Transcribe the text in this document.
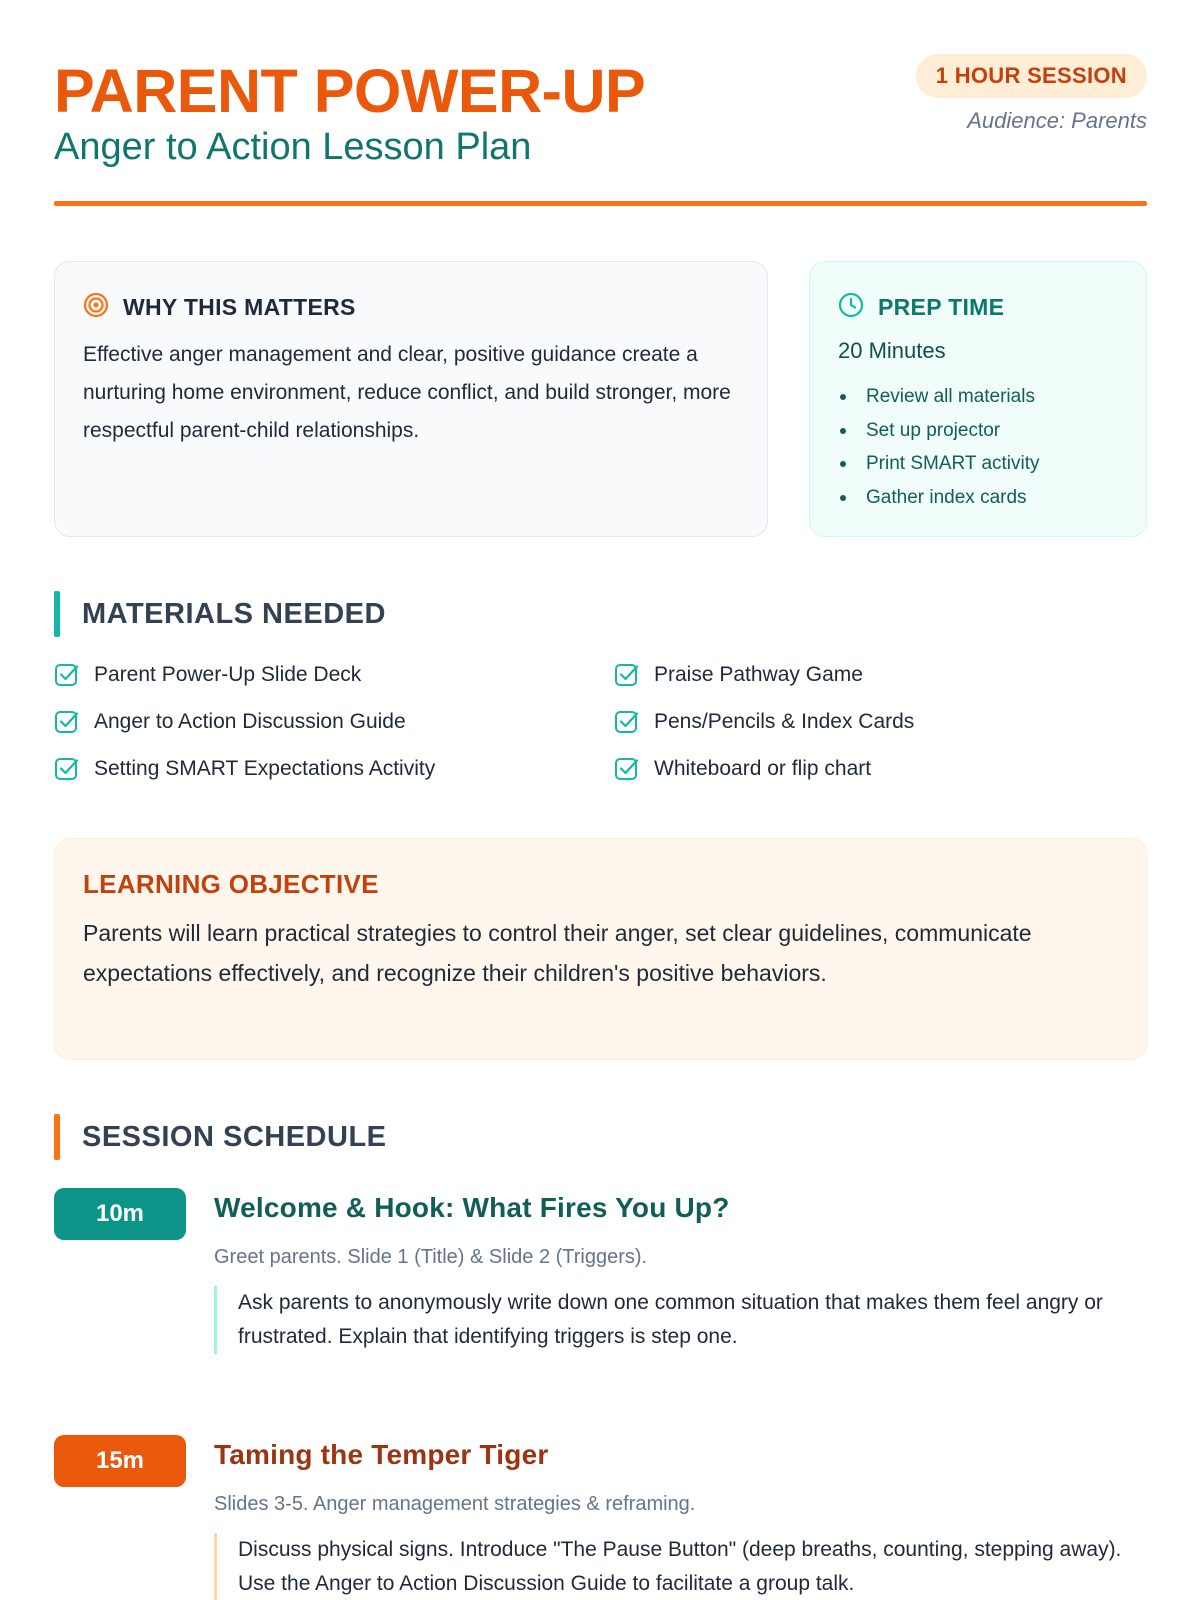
PARENT POWER-UP
Anger to Action Lesson Plan
1 HOUR SESSION
Audience: Parents
WHY THIS MATTERS
Effective anger management and clear, positive guidance create a nurturing home environment, reduce conflict, and build stronger, more respectful parent-child relationships.
PREP TIME
20 Minutes
Review all materials
Set up projector
Print SMART activity
Gather index cards
MATERIALS NEEDED
Parent Power-Up Slide Deck
Anger to Action Discussion Guide
Setting SMART Expectations Activity
Praise Pathway Game
Pens/Pencils & Index Cards
Whiteboard or flip chart
LEARNING OBJECTIVE
Parents will learn practical strategies to control their anger, set clear guidelines, communicate expectations effectively, and recognize their children's positive behaviors.
SESSION SCHEDULE
10m	Welcome & Hook: What Fires You Up?
Greet parents. Slide 1 (Title) & Slide 2 (Triggers).
Ask parents to anonymously write down one common situation that makes them feel angry or frustrated. Explain that identifying triggers is step one.
15m	Taming the Temper Tiger
Slides 3-5. Anger management strategies & reframing.
Discuss physical signs. Introduce "The Pause Button" (deep breaths, counting, stepping away). Use the Anger to Action Discussion Guide to facilitate a group talk.
